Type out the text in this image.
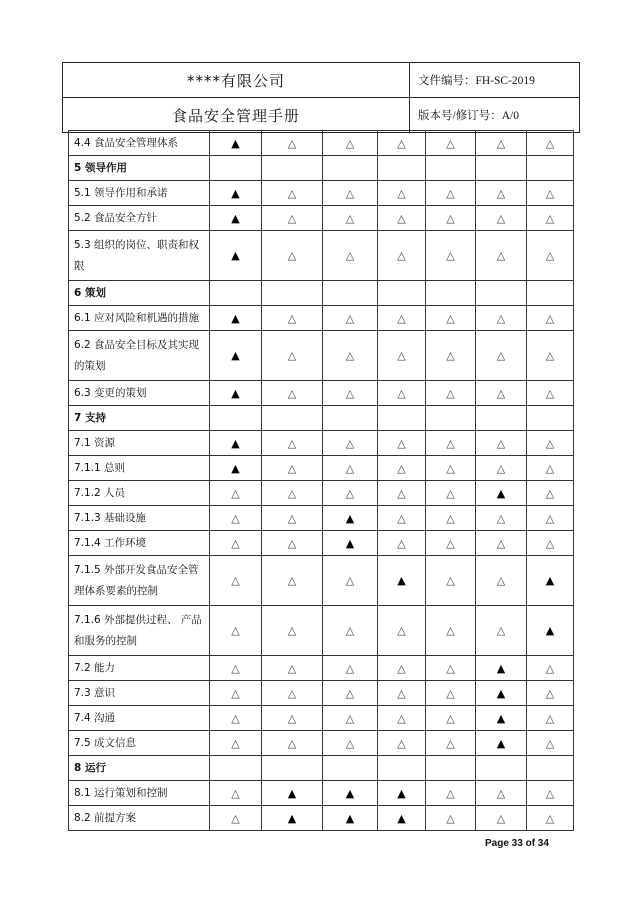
****有限公司	文件编号：FH-SC-2019
食品安全管理手册	版本号/修订号：A/0
4.4 食品安全管理体系	▲	△	△	△	△	△	△
5 领导作用							
5.1 领导作用和承诺	▲	△	△	△	△	△	△
5.2 食品安全方针	▲	△	△	△	△	△	△
5.3 组织的岗位、职责和权限	▲	△	△	△	△	△	△
6 策划							
6.1 应对风险和机遇的措施	▲	△	△	△	△	△	△
6.2 食品安全目标及其实现的策划	▲	△	△	△	△	△	△
6.3 变更的策划	▲	△	△	△	△	△	△
7 支持							
7.1 资源	▲	△	△	△	△	△	△
7.1.1 总则	▲	△	△	△	△	△	△
7.1.2 人员	△	△	△	△	△	▲	△
7.1.3 基础设施	△	△	▲	△	△	△	△
7.1.4 工作环境	△	△	▲	△	△	△	△
7.1.5 外部开发食品安全管理体系要素的控制	△	△	△	▲	△	△	▲
7.1.6 外部提供过程、 产品和服务的控制	△	△	△	△	△	△	▲
7.2 能力	△	△	△	△	△	▲	△
7.3 意识	△	△	△	△	△	▲	△
7.4 沟通	△	△	△	△	△	▲	△
7.5 成文信息	△	△	△	△	△	▲	△
8 运行							
8.1 运行策划和控制	△	▲	▲	▲	△	△	△
8.2 前提方案	△	▲	▲	▲	△	△	△
Page 33 of 34
